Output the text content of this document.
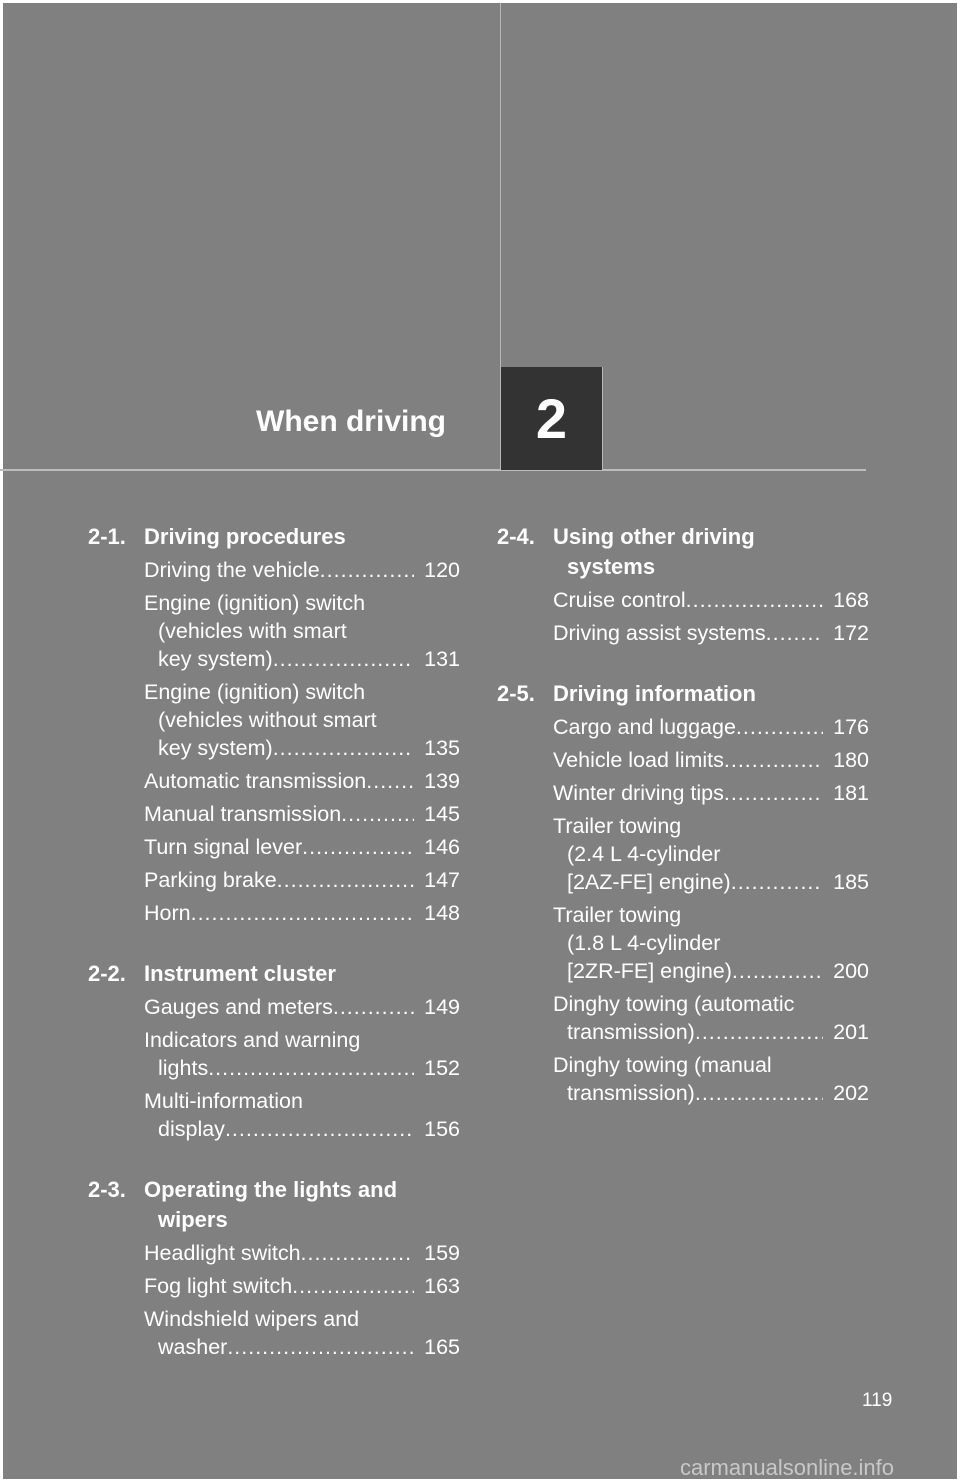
When driving 2
2-1. Driving procedures
Driving the vehicle .....	120
Engine (ignition) switch
(vehicles with smart
key system) .....	131
Engine (ignition) switch
(vehicles without smart
key system) .....	135
Automatic transmission .....	139
Manual transmission .....	145
Turn signal lever .....	146
Parking brake .....	147
Horn .....	148
2-2. Instrument cluster
Gauges and meters .....	149
Indicators and warning
lights .....	152
Multi-information
display .....	156
2-3. Operating the lights and
wipers
Headlight switch .....	159
Fog light switch .....	163
Windshield wipers and
washer .....	165
2-4. Using other driving
systems
Cruise control .....	168
Driving assist systems .....	172
2-5. Driving information
Cargo and luggage .....	176
Vehicle load limits .....	180
Winter driving tips .....	181
Trailer towing
(2.4 L 4-cylinder
[2AZ-FE] engine) .....	185
Trailer towing
(1.8 L 4-cylinder
[2ZR-FE] engine) .....	200
Dinghy towing (automatic
transmission) .....	201
Dinghy towing (manual
transmission) .....	202
119
carmanualsonline.info
